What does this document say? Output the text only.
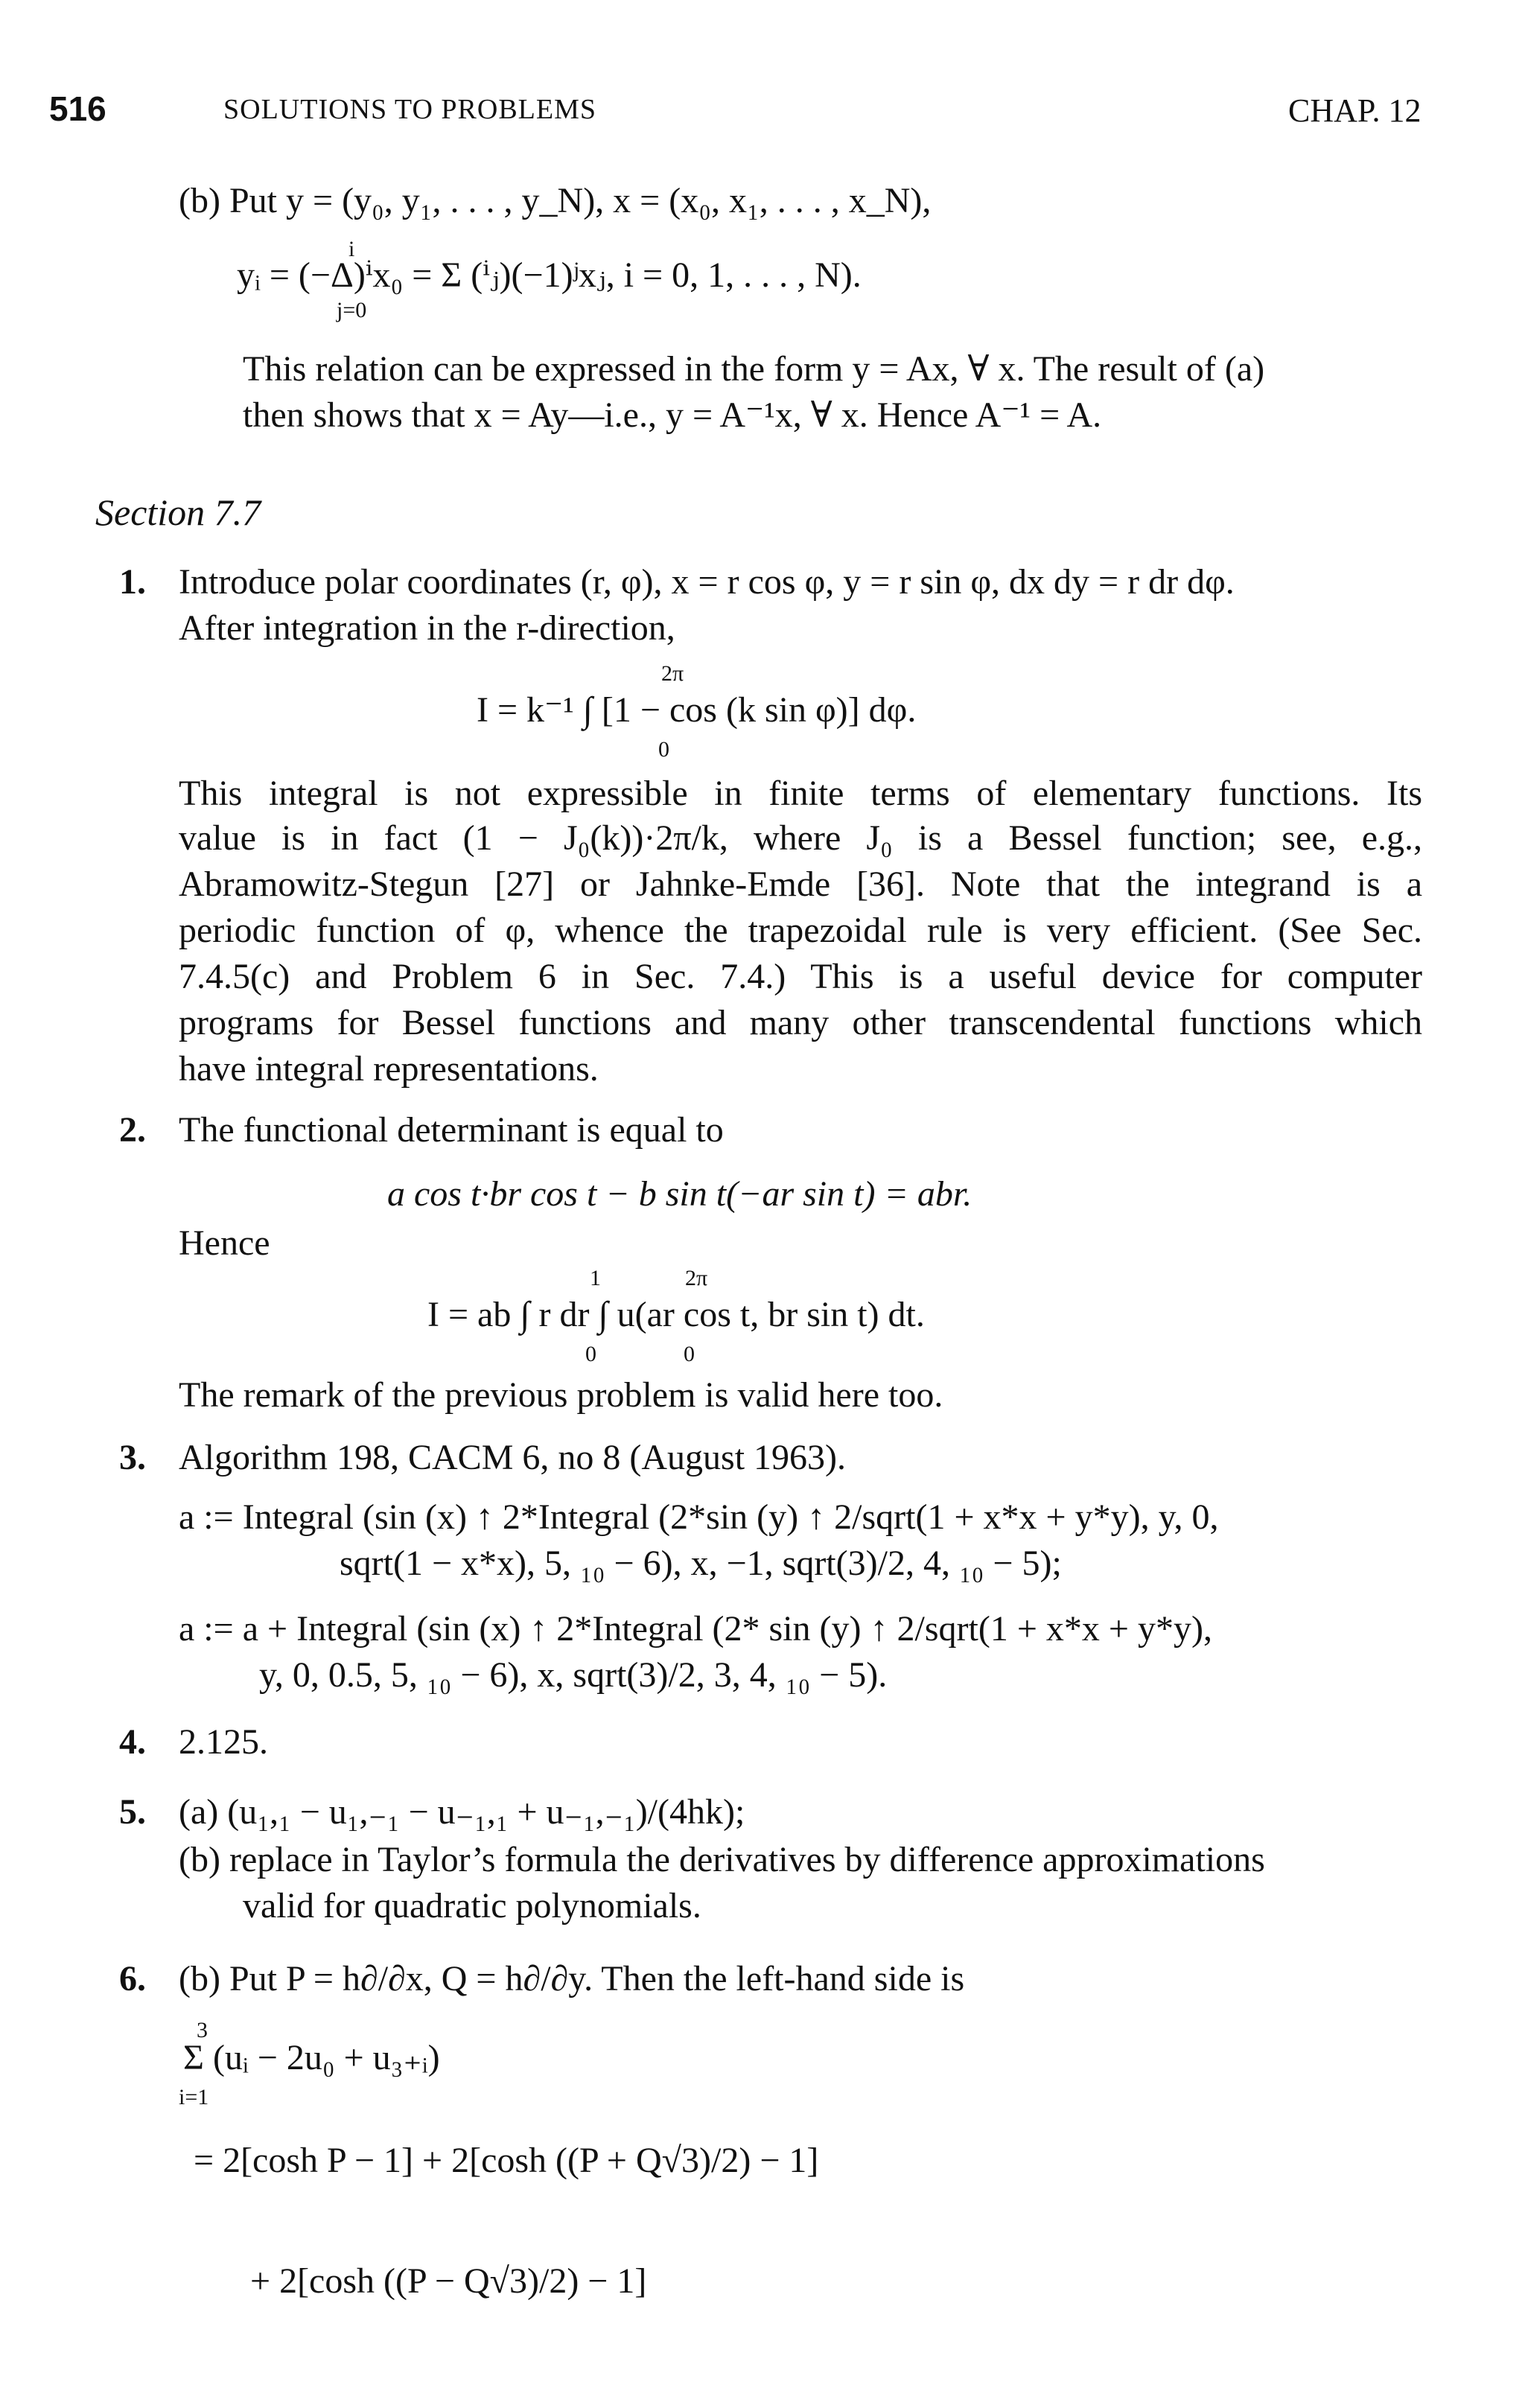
516	SOLUTIONS TO PROBLEMS	CHAP. 12
(b) Put y = (y₀, y₁, . . . , y_N), x = (x₀, x₁, . . . , x_N),
i
yᵢ = (−Δ)ⁱx₀ = Σ (ⁱⱼ)(−1)ʲxⱼ, i = 0, 1, . . . , N).
j=0
This relation can be expressed in the form y = Ax, ∀ x. The result of (a)
then shows that x = Ay—i.e., y = A⁻¹x, ∀ x. Hence A⁻¹ = A.
Section 7.7
1. Introduce polar coordinates (r, φ), x = r cos φ, y = r sin φ, dx dy = r dr dφ.
After integration in the r-direction,
2π
I = k⁻¹ ∫ [1 − cos (k sin φ)] dφ.
0
This integral is not expressible in finite terms of elementary functions. Its
value is in fact (1 − J₀(k))·2π/k, where J₀ is a Bessel function; see, e.g.,
Abramowitz-Stegun [27] or Jahnke-Emde [36]. Note that the integrand is a
periodic function of φ, whence the trapezoidal rule is very efficient. (See Sec.
7.4.5(c) and Problem 6 in Sec. 7.4.) This is a useful device for computer
programs for Bessel functions and many other transcendental functions which
have integral representations.
2. The functional determinant is equal to
a cos t·br cos t − b sin t(−ar sin t) = abr.
Hence
1	2π
I = ab ∫ r dr ∫ u(ar cos t, br sin t) dt.
0	0
The remark of the previous problem is valid here too.
3. Algorithm 198, CACM 6, no 8 (August 1963).
a := Integral (sin (x) ↑ 2*Integral (2*sin (y) ↑ 2/sqrt(1 + x*x + y*y), y, 0,
sqrt(1 − x*x), 5, ₁₀ − 6), x, −1, sqrt(3)/2, 4, ₁₀ − 5);
a := a + Integral (sin (x) ↑ 2*Integral (2* sin (y) ↑ 2/sqrt(1 + x*x + y*y),
y, 0, 0.5, 5, ₁₀ − 6), x, sqrt(3)/2, 3, 4, ₁₀ − 5).
4. 2.125.
5. (a) (u₁,₁ − u₁,₋₁ − u₋₁,₁ + u₋₁,₋₁)/(4hk);
(b) replace in Taylor’s formula the derivatives by difference approximations
valid for quadratic polynomials.
6. (b) Put P = h∂/∂x, Q = h∂/∂y. Then the left-hand side is
3
Σ (uᵢ − 2u₀ + u₃₊ᵢ)
i=1
= 2[cosh P − 1] + 2[cosh ((P + Q√3)/2) − 1]
+ 2[cosh ((P − Q√3)/2) − 1]
